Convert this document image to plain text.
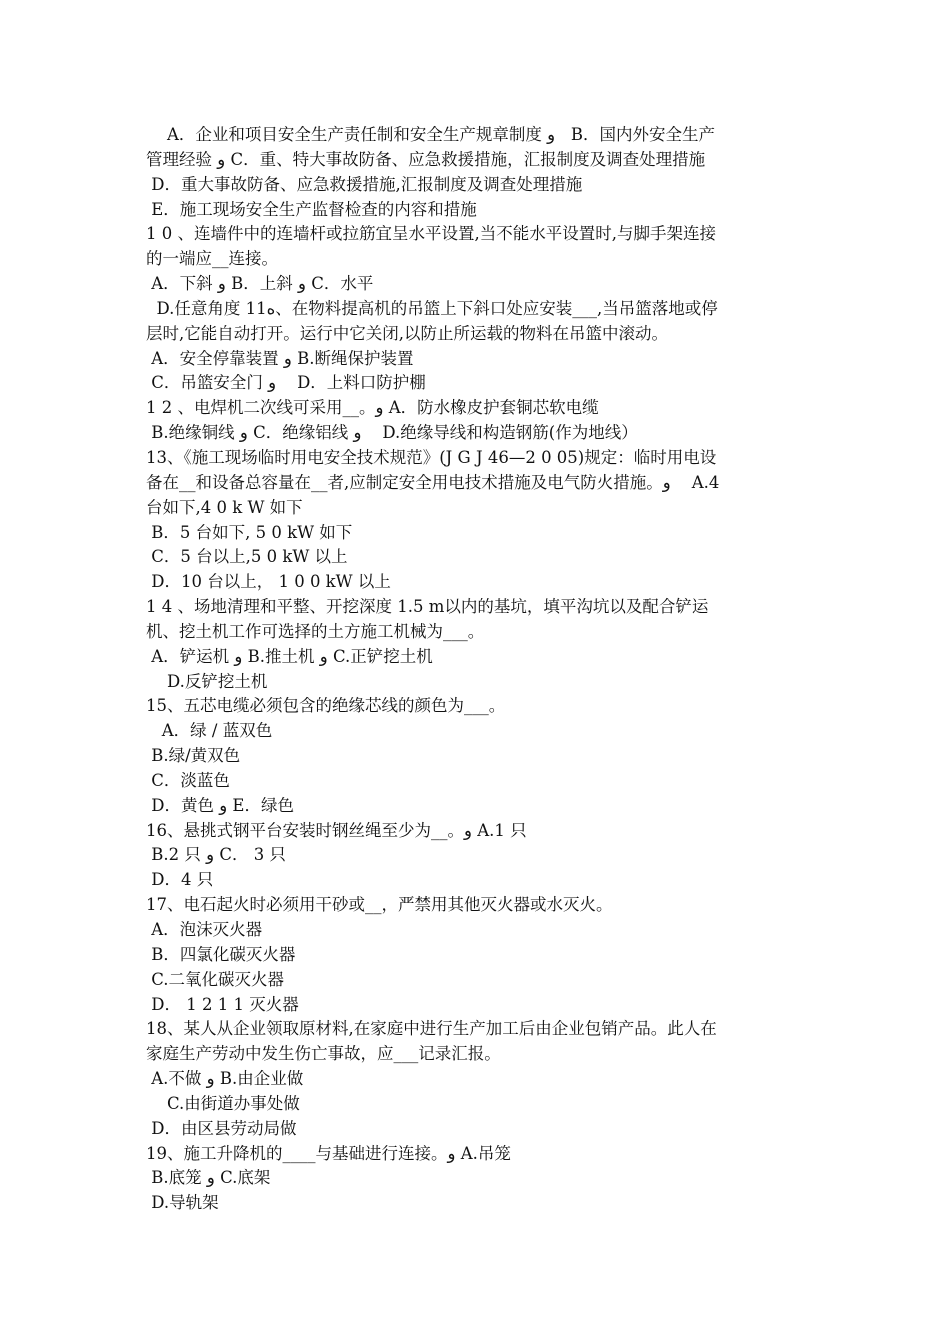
A．企业和项目安全生产责任制和安全生产规章制度 و   B．国内外安全生产
管理经验 و C．重、特大事故防备、应急救援措施，汇报制度及调查处理措施
D．重大事故防备、应急救援措施,汇报制度及调查处理措施
E．施工现场安全生产监督检查的内容和措施
1 0 、连墙件中的连墙杆或拉筋宜呈水平设置,当不能水平设置时,与脚手架连接
的一端应__连接。
A．下斜 و B．上斜 و C．水平
D.任意角度 11ه、在物料提高机的吊篮上下斜口处应安装___,当吊篮落地或停
层时,它能自动打开。运行中它关闭,以防止所运载的物料在吊篮中滚动。
A．安全停靠装置 و B.断绳保护装置
C．吊篮安全门 و    D．上料口防护棚
1 2 、电焊机二次线可采用__。و A．防水橡皮护套铜芯软电缆
B.绝缘铜线 و C．绝缘铝线 و    D.绝缘导线和构造钢筋(作为地线）
13、《施工现场临时用电安全技术规范》(J G J 46—2 0 05)规定：临时用电设
备在__和设备总容量在__者,应制定安全用电技术措施及电气防火措施。و    A.4
台如下,4 0 k W 如下
B．5 台如下, 5 0 kW 如下
C．5 台以上,5 0 kW 以上
D．10 台以上， 1 0 0 kW 以上
1 4 、场地清理和平整、开挖深度 1.5 m以内的基坑，填平沟坑以及配合铲运
机、挖土机工作可选择的土方施工机械为___。
A．铲运机 و B.推土机 و C.正铲挖土机
D.反铲挖土机
15、五芯电缆必须包含的绝缘芯线的颜色为___。
A．绿 / 蓝双色
B.绿/黄双色
C．淡蓝色
D．黄色 و E．绿色
16、悬挑式钢平台安装时钢丝绳至少为__。و A.1 只
B.2 只 و C． 3 只
D．4 只
17、电石起火时必须用干砂或__，严禁用其他灭火器或水灭火。
A．泡沫灭火器
B．四氯化碳灭火器
C.二氧化碳灭火器
D． 1 2 1 1 灭火器
18、某人从企业领取原材料,在家庭中进行生产加工后由企业包销产品。此人在
家庭生产劳动中发生伤亡事故，应___记录汇报。
A.不做 و B.由企业做
C.由街道办事处做
D．由区县劳动局做
19、施工升降机的____与基础进行连接。و A.吊笼
B.底笼 و C.底架
D.导轨架
